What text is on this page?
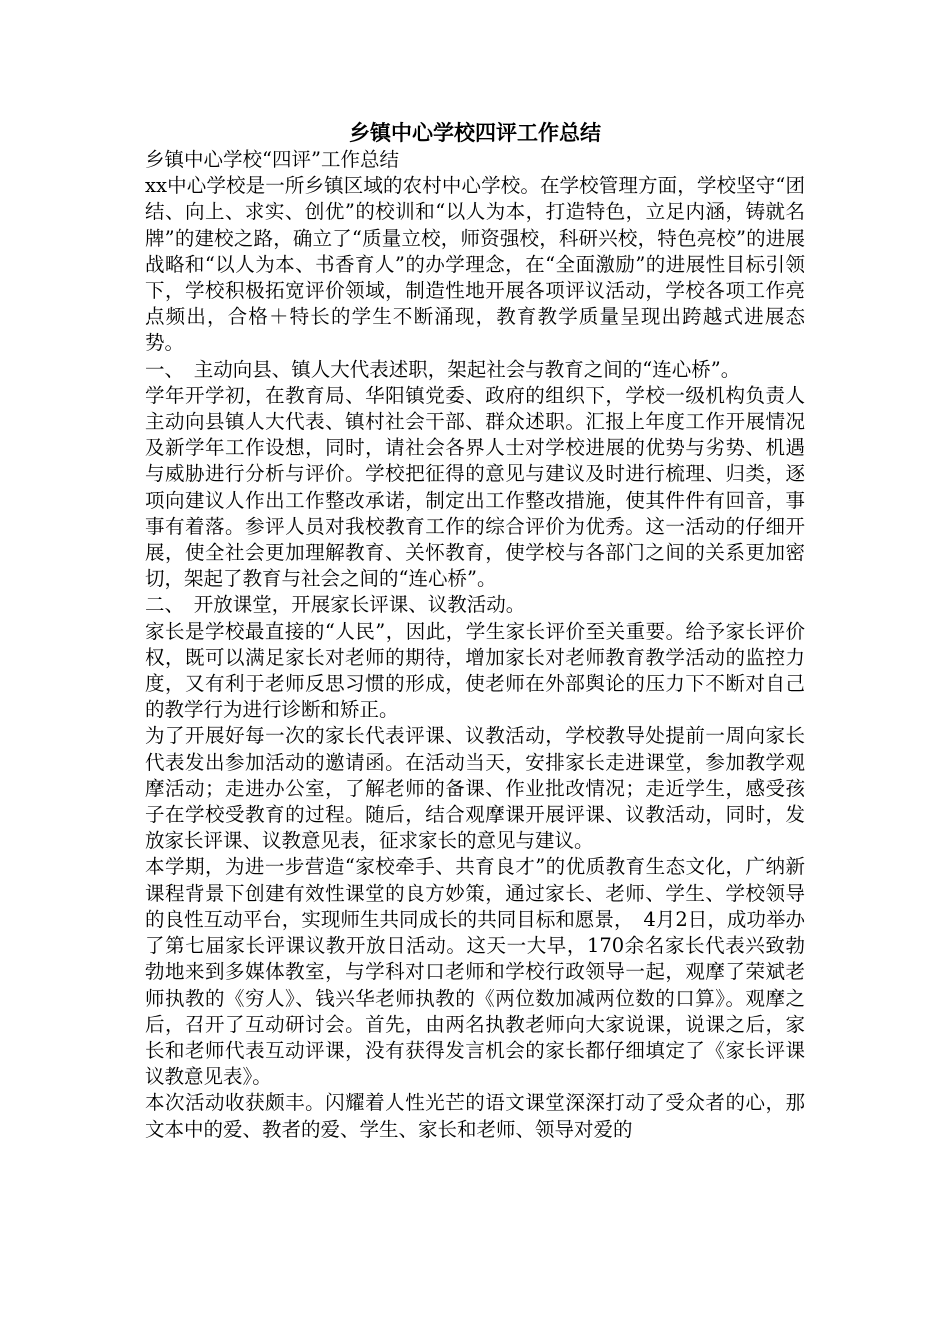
乡镇中心学校四评工作总结

乡镇中心学校“四评”工作总结

xx中心学校是一所乡镇区域的农村中心学校。在学校管理方面，学校坚守“团结、向上、求实、创优”的校训和“以人为本，打造特色，立足内涵，铸就名牌”的建校之路，确立了“质量立校，师资强校，科研兴校，特色亮校”的进展战略和“以人为本、书香育人”的办学理念，在“全面激励”的进展性目标引领下，学校积极拓宽评价领域，制造性地开展各项评议活动，学校各项工作亮点频出，合格＋特长的学生不断涌现，教育教学质量呈现出跨越式进展态势。

一、　主动向县、镇人大代表述职，架起社会与教育之间的“连心桥”。

学年开学初，在教育局、华阳镇党委、政府的组织下，学校一级机构负责人主动向县镇人大代表、镇村社会干部、群众述职。汇报上年度工作开展情况及新学年工作设想，同时，请社会各界人士对学校进展的优势与劣势、机遇与威胁进行分析与评价。学校把征得的意见与建议及时进行梳理、归类，逐项向建议人作出工作整改承诺，制定出工作整改措施，使其件件有回音，事事有着落。参评人员对我校教育工作的综合评价为优秀。这一活动的仔细开展，使全社会更加理解教育、关怀教育，使学校与各部门之间的关系更加密切，架起了教育与社会之间的“连心桥”。

二、　开放课堂，开展家长评课、议教活动。

家长是学校最直接的“人民”，因此，学生家长评价至关重要。给予家长评价权，既可以满足家长对老师的期待，增加家长对老师教育教学活动的监控力度，又有利于老师反思习惯的形成，使老师在外部舆论的压力下不断对自己的教学行为进行诊断和矫正。

为了开展好每一次的家长代表评课、议教活动，学校教导处提前一周向家长代表发出参加活动的邀请函。在活动当天，安排家长走进课堂，参加教学观摩活动；走进办公室，了解老师的备课、作业批改情况；走近学生，感受孩子在学校受教育的过程。随后，结合观摩课开展评课、议教活动，同时，发放家长评课、议教意见表，征求家长的意见与建议。

本学期，为进一步营造“家校牵手、共育良才”的优质教育生态文化，广纳新课程背景下创建有效性课堂的良方妙策，通过家长、老师、学生、学校领导的良性互动平台，实现师生共同成长的共同目标和愿景，　4月2日，成功举办了第七届家长评课议教开放日活动。这天一大早，170余名家长代表兴致勃勃地来到多媒体教室，与学科对口老师和学校行政领导一起，观摩了荣斌老师执教的《穷人》、钱兴华老师执教的《两位数加减两位数的口算》。观摩之后，召开了互动研讨会。首先，由两名执教老师向大家说课，说课之后，家长和老师代表互动评课，没有获得发言机会的家长都仔细填定了《家长评课议教意见表》。

本次活动收获颇丰。闪耀着人性光芒的语文课堂深深打动了受众者的心，那文本中的爱、教者的爱、学生、家长和老师、领导对爱的
